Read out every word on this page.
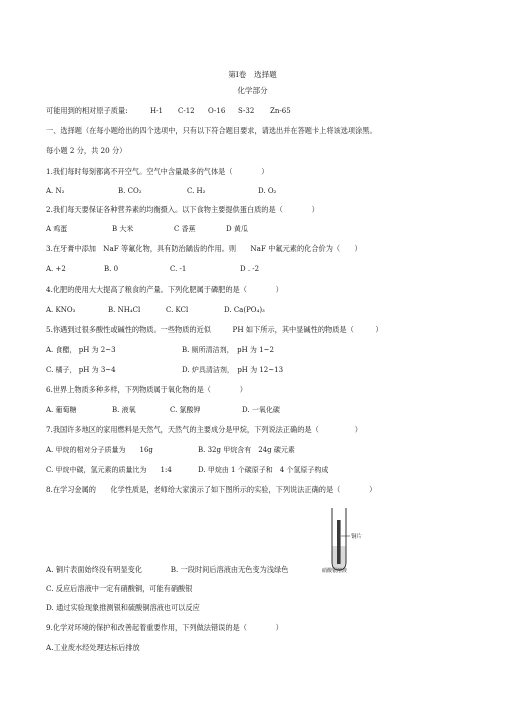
第Ⅰ卷　选择题
化学部分
可能用到的相对原子质量:	H-1 C-12 O-16 S-32 Zn-65
一、选择题（在每小题给出的四个选项中，只有以下符合题目要求，请选出并在答题卡上将该选项涂黑。
每小题 2 分，共 20 分）
1.我们每时每刻都离不开空气。空气中含量最多的气体是（　　　　）
A. N₂	B. CO₂	C. H₂	D. O₂
2.我们每天要保证各种营养素的均衡摄入。以下食物主要提供蛋白质的是（　　　　）
A 鸡蛋	B 大米	C 香蕉	D 黄瓜
3.在牙膏中添加　NaF 等氟化物，具有防治龋齿的作用。则　　NaF 中氟元素的化合价为（　　）
A. +2	B. 0	C. -1	D . -2
4.化肥的使用大大提高了粮食的产量。下列化肥属于磷肥的是（　　　　）
A. KNO₃	B. NH₄Cl	C. KCl	D. Ca(PO₄)₃
5.你遇到过很多酸性或碱性的物质。一些物质的近似　　　PH 如下所示，其中显碱性的物质是（　　　）
A. 食醋， pH 为 2~3	B. 厕所清洁剂，　pH 为 1~2
C. 橘子， pH 为 3~4	D. 炉具清洁剂，　pH 为 12~13
6.世界上物质多种多样，下列物质属于氧化物的是（　　　　）
A. 葡萄糖	B. 液氧	C. 氯酸钾	D. 一氧化碳
7.我国许多地区的家用燃料是天然气，天然气的主要成分是甲烷，下列说法正确的是（　　　　　）
A. 甲烷的相对分子质量为　　16g	B. 32g 甲烷含有　24g 碳元素
C. 甲烷中碳，氢元素的质量比为　　1:4	D. 甲烷由 1 个碳原子和　4 个氢原子构成
8.在学习金属的　　化学性质是，老师给大家演示了如下图所示的实验，下列说法正确的是（　　　　）
铜片
硝酸银溶液
A. 铜片表面始终没有明显变化　　　　B. 一段时间后溶液由无色变为浅绿色
C. 反应后溶液中一定有硝酸铜，可能有硝酸银
D. 通过实验现象推测银和硫酸铜溶液也可以反应
9.化学对环境的保护和改善起着重要作用，下列做法错误的是（　　　　）
A.工业废水经处理达标后排放
